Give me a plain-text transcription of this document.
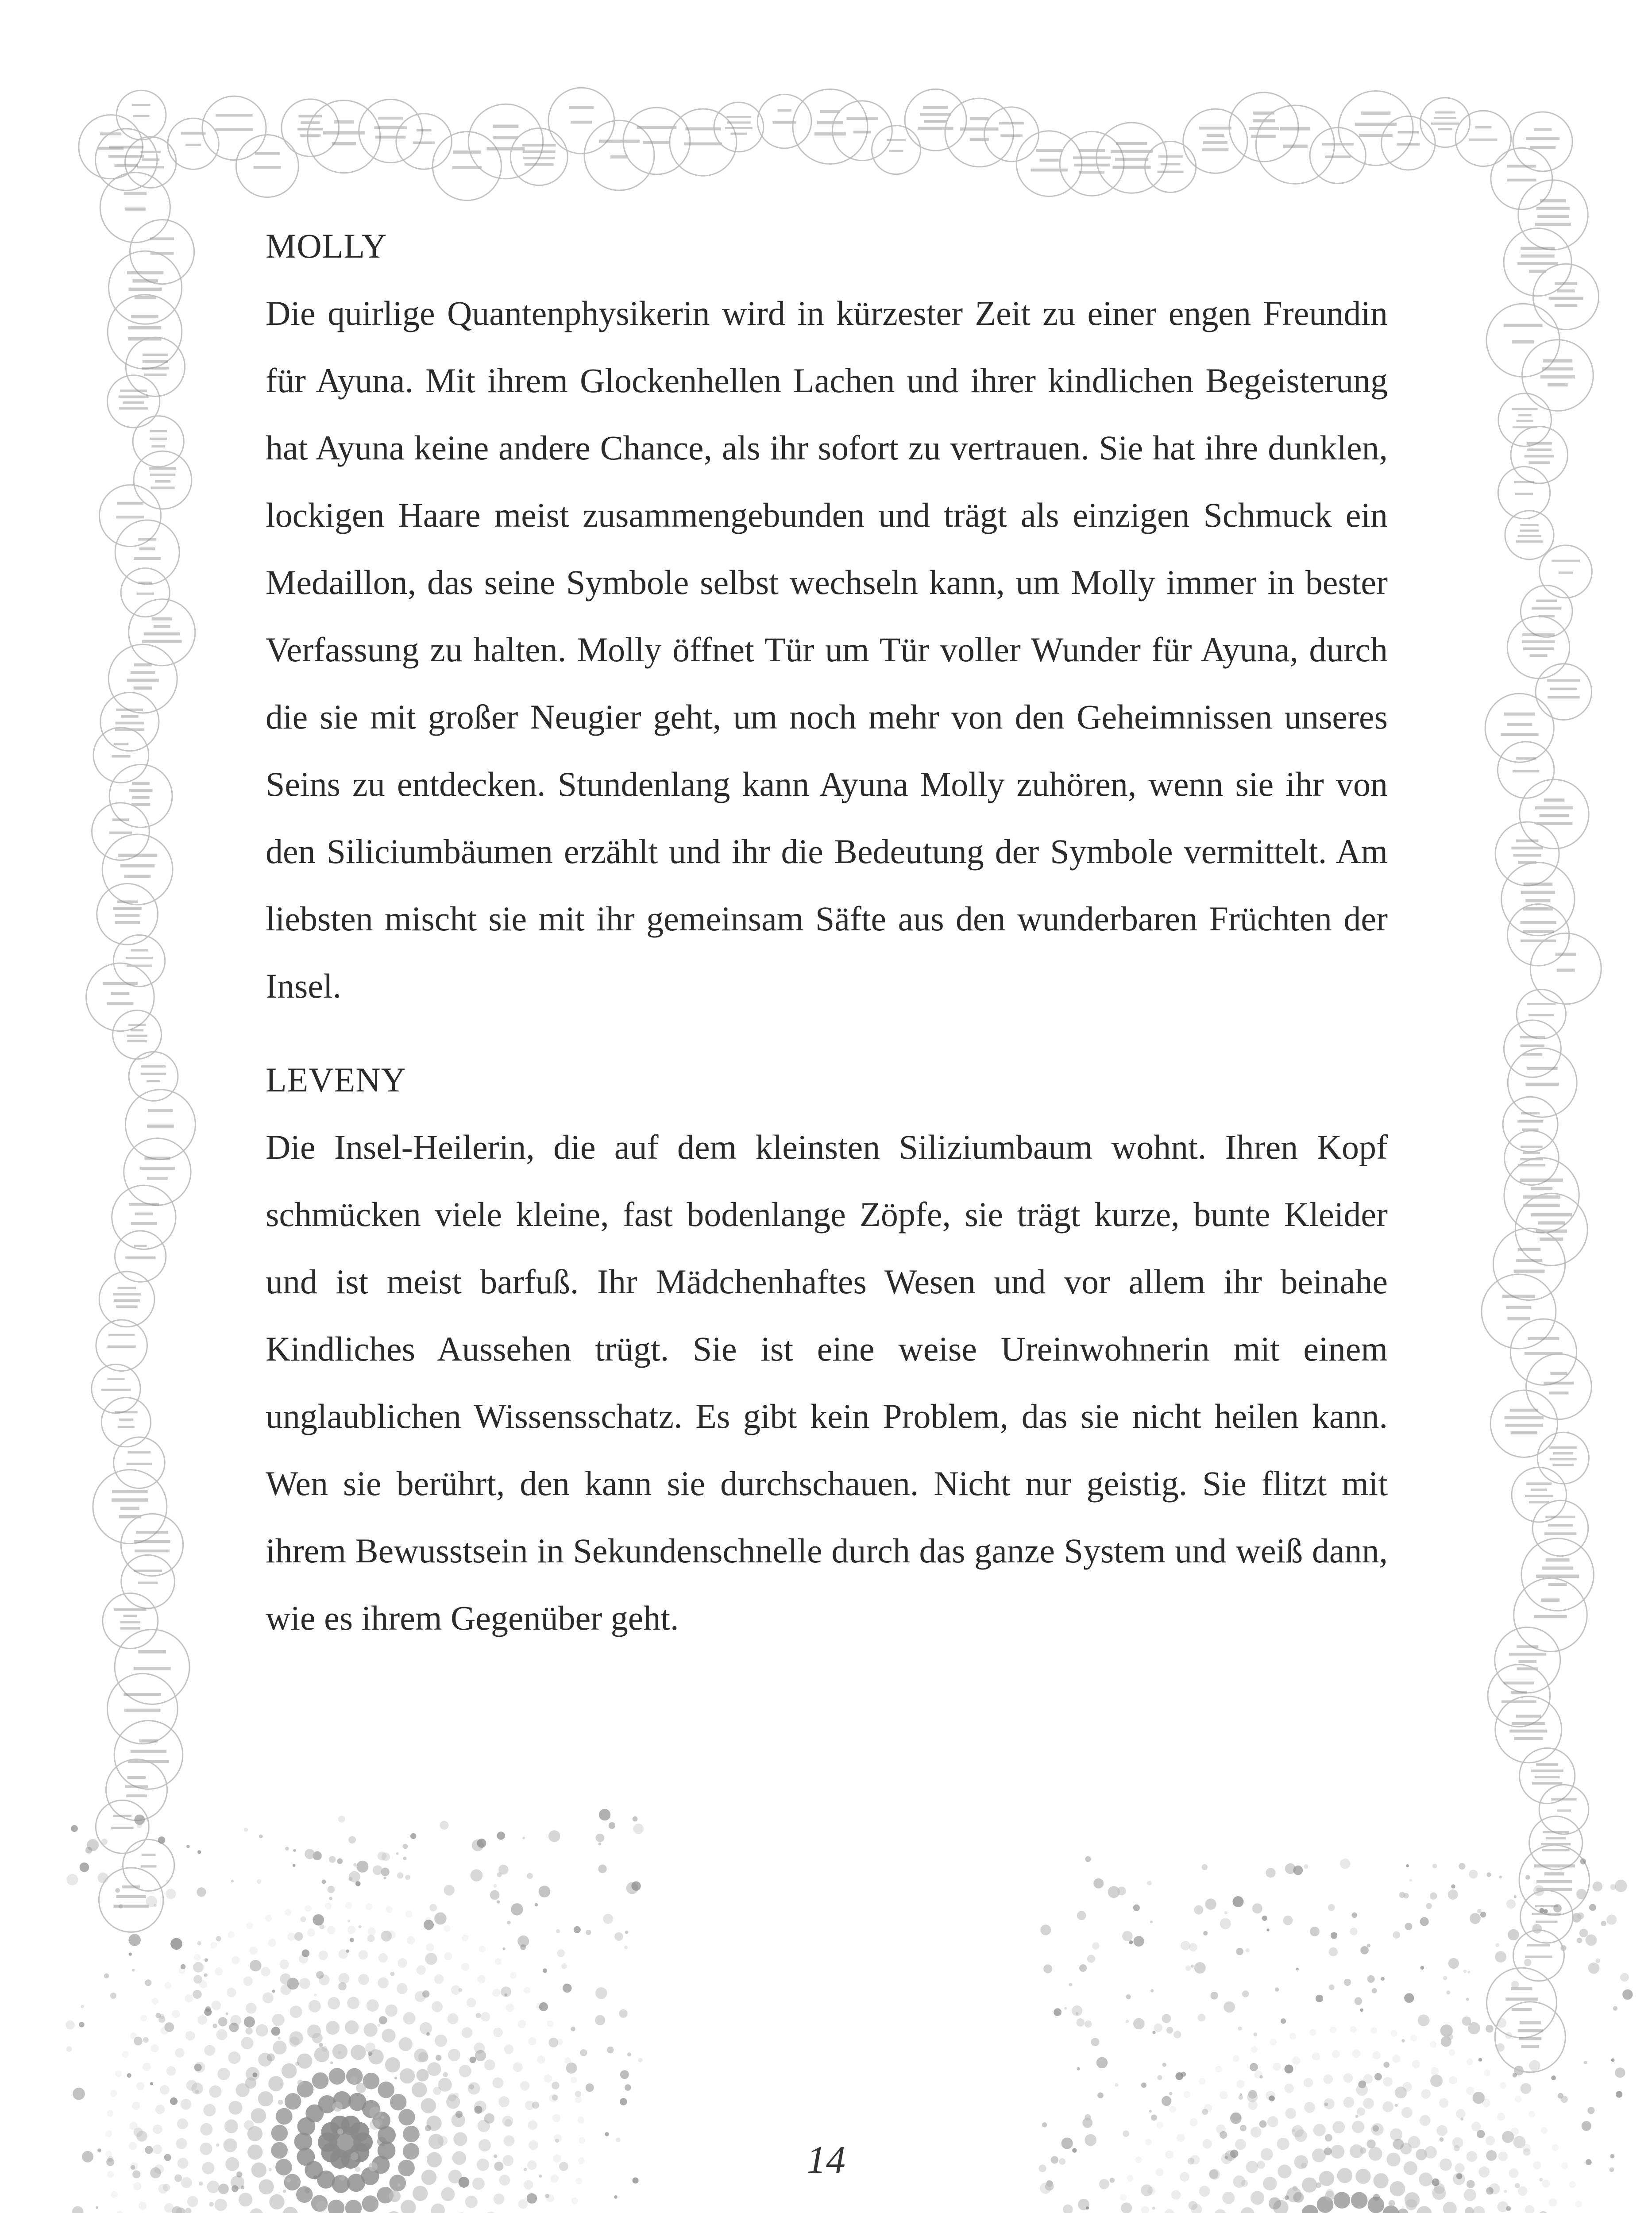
MOLLY

Die quirlige Quantenphysikerin wird in kürzester Zeit zu einer engen Freundin für Ayuna. Mit ihrem Glockenhellen Lachen und ihrer kindlichen Begeisterung hat Ayuna keine andere Chance, als ihr sofort zu vertrauen. Sie hat ihre dunklen, lockigen Haare meist zusammengebunden und trägt als einzigen Schmuck ein Medaillon, das seine Symbole selbst wechseln kann, um Molly immer in bester Verfassung zu halten. Molly öffnet Tür um Tür voller Wunder für Ayuna, durch die sie mit großer Neugier geht, um noch mehr von den Geheimnissen unseres Seins zu entdecken. Stundenlang kann Ayuna Molly zuhören, wenn sie ihr von den Siliciumbäumen erzählt und ihr die Bedeutung der Symbole vermittelt. Am liebsten mischt sie mit ihr gemeinsam Säfte aus den wunderbaren Früchten der Insel.

LEVENY

Die Insel-Heilerin, die auf dem kleinsten Siliziumbaum wohnt. Ihren Kopf schmücken viele kleine, fast bodenlange Zöpfe, sie trägt kurze, bunte Kleider und ist meist barfuß. Ihr Mädchenhaftes Wesen und vor allem ihr beinahe Kindliches Aussehen trügt. Sie ist eine weise Ureinwohnerin mit einem unglaublichen Wissensschatz. Es gibt kein Problem, das sie nicht heilen kann. Wen sie berührt, den kann sie durchschauen. Nicht nur geistig. Sie flitzt mit ihrem Bewusstsein in Sekundenschnelle durch das ganze System und weiß dann, wie es ihrem Gegenüber geht.

14
